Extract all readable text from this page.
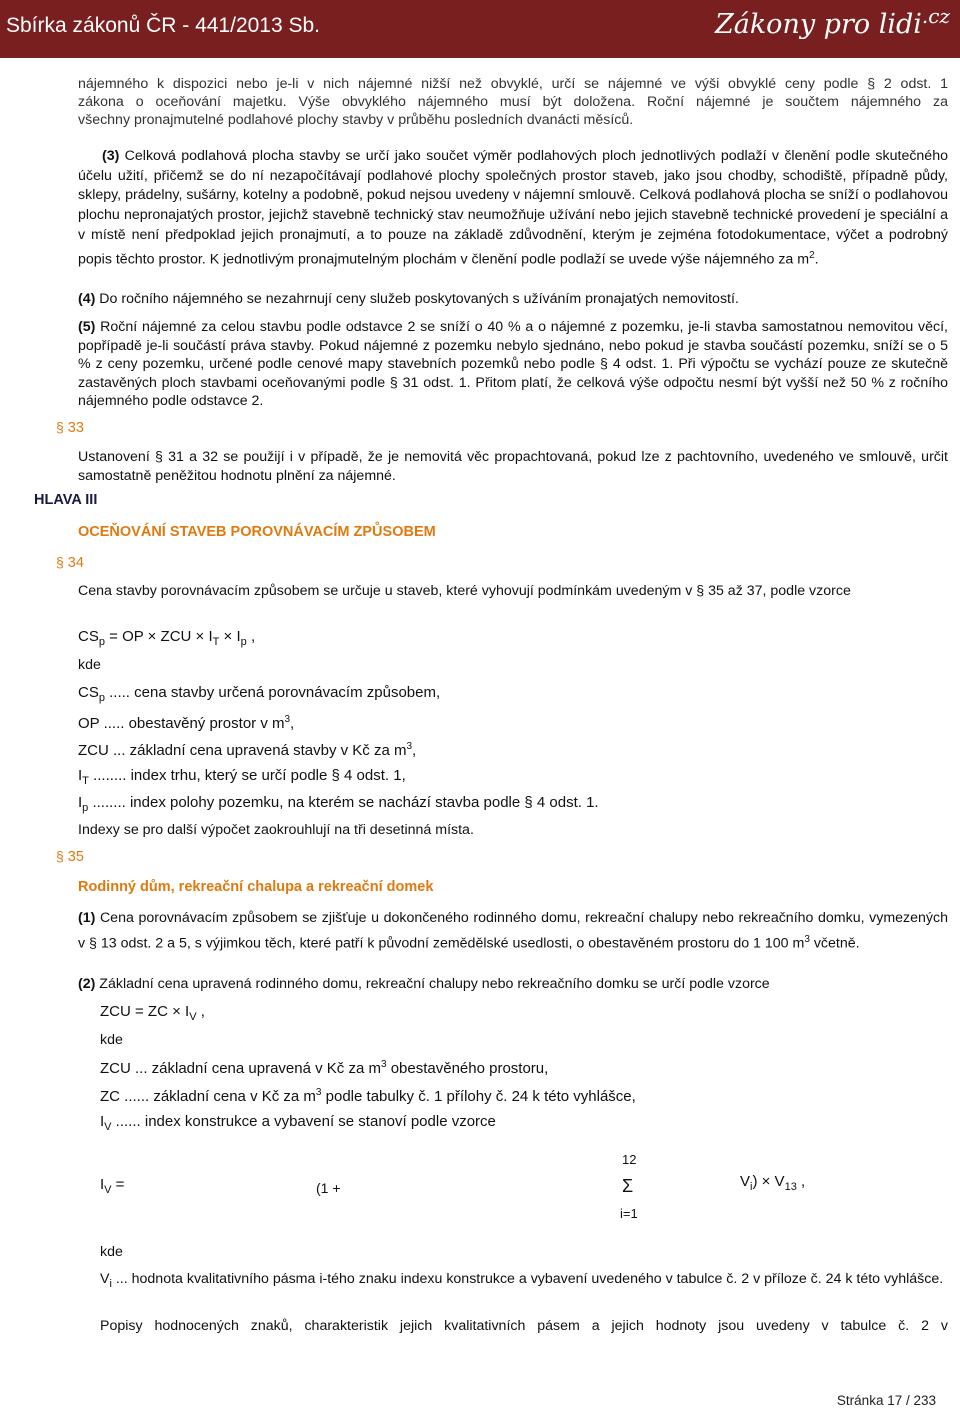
Sbírka zákonů ČR - 441/2013 Sb.	Zákony pro lidi$^{.cz}$
nájemného k dispozici nebo je-li v nich nájemné nižší než obvyklé, určí se nájemné ve výši obvyklé ceny podle § 2 odst. 1
zákona o oceňování majetku. Výše obvyklého nájemného musí být doložena. Roční nájemné je součtem nájemného za
všechny pronajmutelné podlahové plochy stavby v průběhu posledních dvanácti měsíců.
(3) Celková podlahová plocha stavby se určí jako součet výměr podlahových ploch jednotlivých podlaží v členění podle skutečného účelu užití, přičemž se do ní nezapočítávají podlahové plochy společných prostor staveb, jako jsou chodby, schodiště, případně půdy, sklepy, prádelny, sušárny, kotelny a podobně, pokud nejsou uvedeny v nájemní smlouvě. Celková podlahová plocha se sníží o podlahovou plochu nepronajatých prostor, jejichž stavebně technický stav neumožňuje užívání nebo jejich stavebně technické provedení je speciální a v místě není předpoklad jejich pronajmutí, a to pouze na základě zdůvodnění, kterým je zejména fotodokumentace, výčet a podrobný popis těchto prostor. K jednotlivým pronajmutelným plochám v členění podle podlaží se uvede výše nájemného za $m^2$.
(4) Do ročního nájemného se nezahrnují ceny služeb poskytovaných s užíváním pronajatých nemovitostí.
(5) Roční nájemné za celou stavbu podle odstavce 2 se sníží o 40 % a o nájemné z pozemku, je-li stavba samostatnou nemovitou věcí, popřípadě je-li součástí práva stavby. Pokud nájemné z pozemku nebylo sjednáno, nebo pokud je stavba součástí pozemku, sníží se o 5 % z ceny pozemku, určené podle cenové mapy stavebních pozemků nebo podle § 4 odst. 1. Při výpočtu se vychází pouze ze skutečně zastavěných ploch stavbami oceňovanými podle § 31 odst. 1. Přitom platí, že celková výše odpočtu nesmí být vyšší než 50 % z ročního nájemného podle odstavce 2.
§ 33
Ustanovení § 31 a 32 se použijí i v případě, že je nemovitá věc propachtovaná, pokud lze z pachtovního, uvedeného ve smlouvě, určit samostatně peněžitou hodnotu plnění za nájemné.
HLAVA III
OCEŇOVÁNÍ STAVEB POROVNÁVACÍM ZPŮSOBEM
§ 34
Cena stavby porovnávacím způsobem se určuje u staveb, které vyhovují podmínkám uvedeným v § 35 až 37, podle vzorce
$CS_p$ = OP × ZCU × $I_T \times I_p$ ,
kde
$CS_p$ ..... cena stavby určená porovnávacím způsobem,
OP ..... obestavěný prostor v $m^3$,
ZCU ... základní cena upravená stavby v Kč za $m^3$,
$I_T$ ........ index trhu, který se určí podle § 4 odst. 1,
$I_p$ ........ index polohy pozemku, na kterém se nachází stavba podle § 4 odst. 1.
Indexy se pro další výpočet zaokrouhlují na tři desetinná místa.
§ 35
Rodinný dům, rekreační chalupa a rekreační domek
(1) Cena porovnávacím způsobem se zjišťuje u dokončeného rodinného domu, rekreační chalupy nebo rekreačního domku, vymezených v § 13 odst. 2 a 5, s výjimkou těch, které patří k původní zemědělské usedlosti, o obestavěném prostoru do 1 100 $m^3$ včetně.
(2) Základní cena upravená rodinného domu, rekreační chalupy nebo rekreačního domku se určí podle vzorce
ZCU = ZC × $I_V$ ,
kde
ZCU ... základní cena upravená v Kč za $m^3$ obestavěného prostoru,
ZC ...... základní cena v Kč za $m^3$ podle tabulky č. 1 přílohy č. 24 k této vyhlášce,
$I_V$ ...... index konstrukce a vybavení se stanoví podle vzorce
$I_V$ =	(1 +
12
Σ
i=1
$V_i) \times V_{13}$ ,
kde
$V_i$ ... hodnota kvalitativního pásma i-tého znaku indexu konstrukce a vybavení uvedeného v tabulce č. 2 v příloze č. 24 k této vyhlášce.
Popisy hodnocených znaků, charakteristik jejich kvalitativních pásem a jejich hodnoty jsou uvedeny v tabulce č. 2 v
Stránka 17 / 233
